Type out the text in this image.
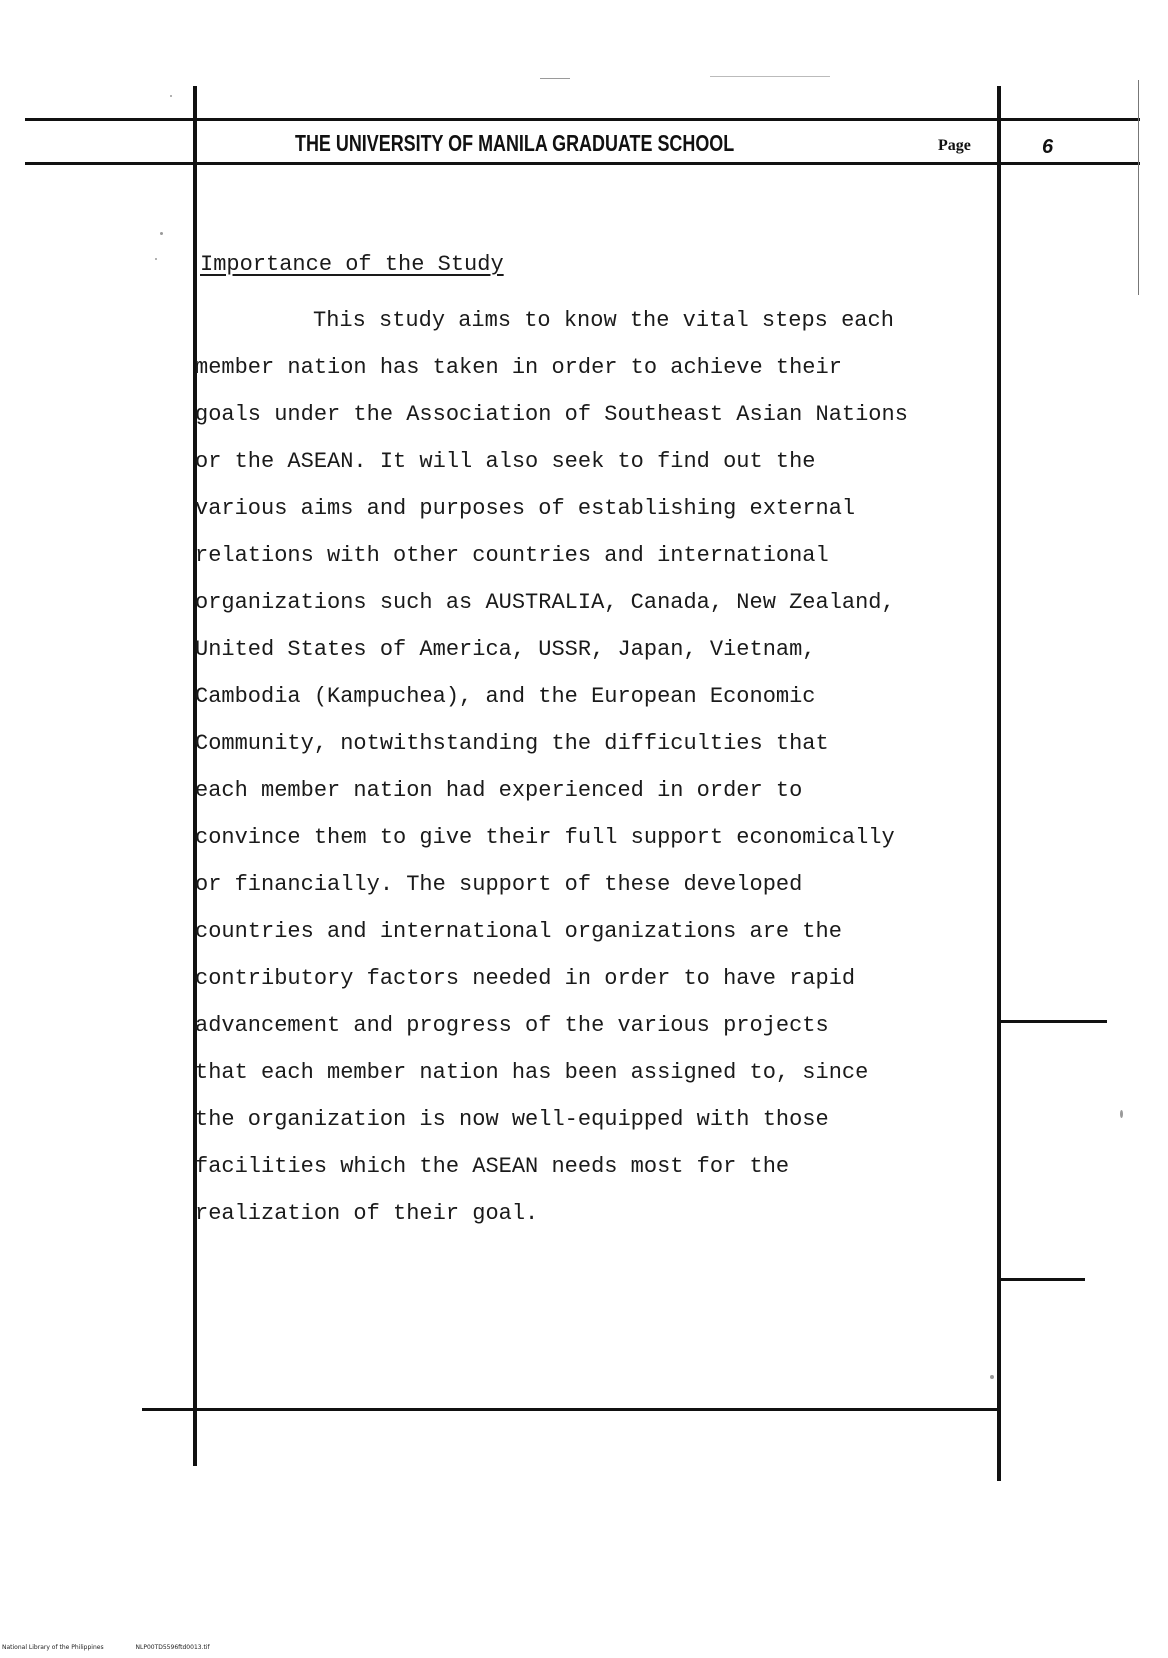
THE UNIVERSITY OF MANILA GRADUATE SCHOOL	Page	6
Importance of the Study
This study aims to know the vital steps each
member nation has taken in order to achieve their
goals under the Association of Southeast Asian Nations
or the ASEAN. It will also seek to find out the
various aims and purposes of establishing external
relations with other countries and international
organizations such as AUSTRALIA, Canada, New Zealand,
United States of America, USSR, Japan, Vietnam,
Cambodia (Kampuchea), and the European Economic
Community, notwithstanding the difficulties that
each member nation had experienced in order to
convince them to give their full support economically
or financially. The support of these developed
countries and international organizations are the
contributory factors needed in order to have rapid
advancement and progress of the various projects
that each member nation has been assigned to, since
the organization is now well-equipped with those
facilities which the ASEAN needs most for the
realization of their goal.
National Library of the Philippines	NLP00TD5596ftd0013.tif
